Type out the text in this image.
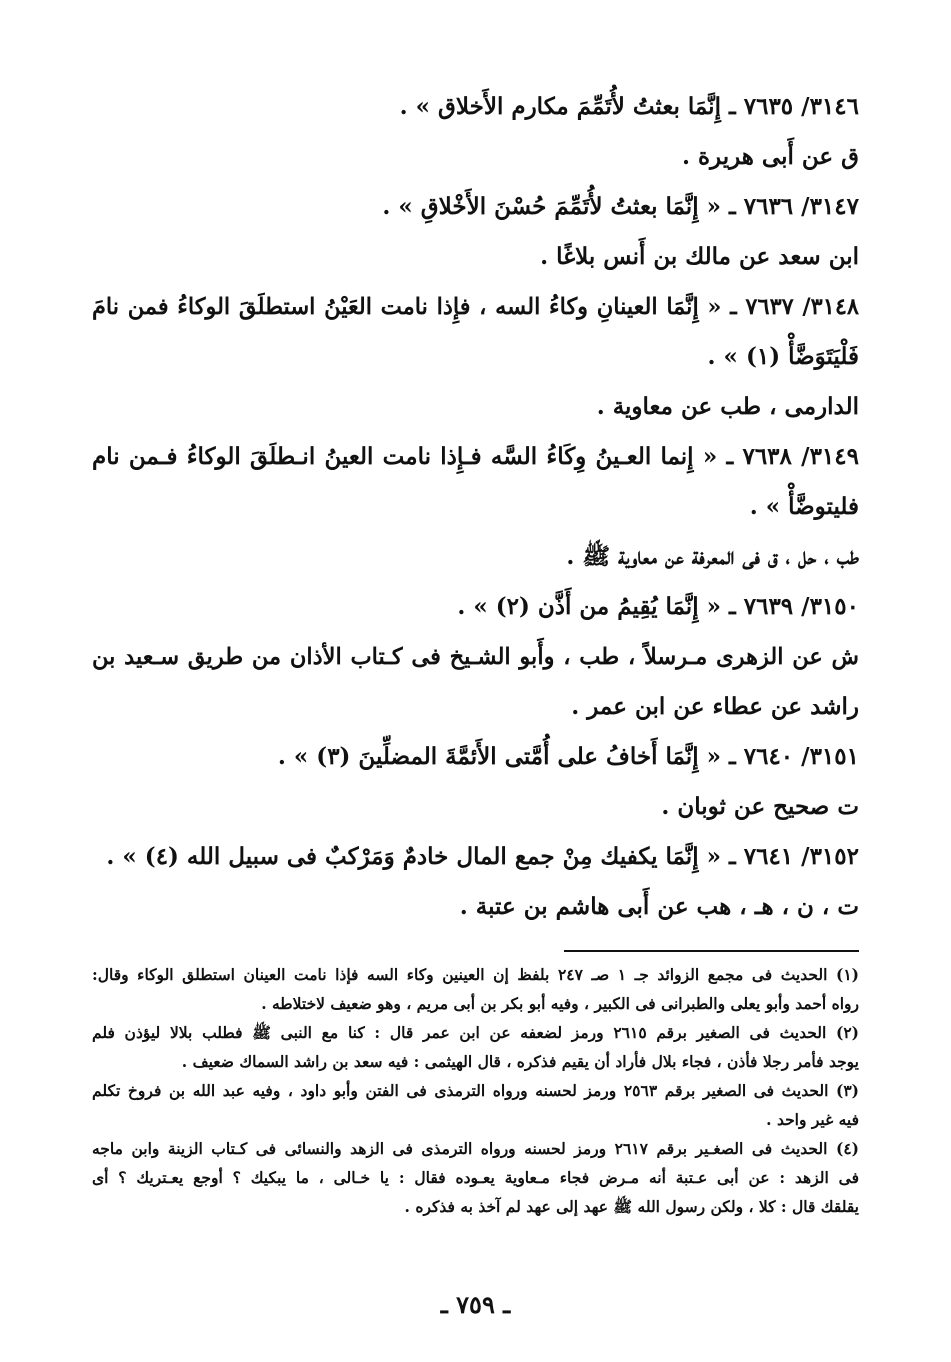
٣١٤٦/ ٧٦٣٥ ـ إِنَّمَا بعثتُ لأُتَمِّمَ مكارم الأَخلاق » .
ق عن أَبى هريرة .
٣١٤٧/ ٧٦٣٦ ـ « إِنَّمَا بعثتُ لأُتَمِّمَ حُسْنَ الأَخْلاقِ » .
ابن سعد عن مالك بن أَنس بلاغًا .
٣١٤٨/ ٧٦٣٧ ـ « إِنَّمَا العينانِ وكاءُ السه ، فإِذا نامت العَيْنُ استطلَقَ الوكاءُ فمن نامَ
فَلْيَتَوَضَّأْ (١) » .
الدارمى ، طب عن معاوية .
٣١٤٩/ ٧٦٣٨ ـ « إِنما العـينُ وِكَاءُ السَّه فـإِذا نامت العينُ انـطلَقَ الوكاءُ فـمن نام
فليتوضَّأْ » .
طب ، حل ، ق فى المعرفة عن معاوية ﷺ .
٣١٥٠/ ٧٦٣٩ ـ « إِنَّمَا يُقِيمُ من أَذَّن (٢) » .
ش عن الزهرى مـرسلاً ، طب ، وأَبو الشـيخ فى كـتاب الأذان من طريق سـعيد بن
راشد عن عطاء عن ابن عمر .
٣١٥١/ ٧٦٤٠ ـ « إِنَّمَا أَخافُ على أُمَّتى الأَئمَّةَ المضلِّينَ (٣) » .
ت صحيح عن ثوبان .
٣١٥٢/ ٧٦٤١ ـ « إِنَّمَا يكفيك مِنْ جمع المال خادمٌ وَمَرْكبٌ فى سبيل الله (٤) » .
ت ، ن ، هـ ، هب عن أَبى هاشم بن عتبة .
(١) الحديث فى مجمع الزوائد جـ ١ صـ ٢٤٧ بلفظ إن العينين وكاء السه فإذا نامت العينان استطلق الوكاء وقال:
رواه أحمد وأبو يعلى والطبرانى فى الكبير ، وفيه أبو بكر بن أبى مريم ، وهو ضعيف لاختلاطه .
(٢) الحديث فى الصغير برقم ٢٦١٥ ورمز لضعفه عن ابن عمر قال : كنا مع النبى ﷺ فطلب بلالا ليؤذن فلم
يوجد فأمر رجلا فأذن ، فجاء بلال فأراد أن يقيم فذكره ، قال الهيثمى : فيه سعد بن راشد السماك ضعيف .
(٣) الحديث فى الصغير برقم ٢٥٦٣ ورمز لحسنه ورواه الترمذى فى الفتن وأبو داود ، وفيه عبد الله بن فروخ تكلم
فيه غير واحد .
(٤) الحديث فى الصغـير برقم ٢٦١٧ ورمز لحسنه ورواه الترمذى فى الزهد والنسائى فى كـتاب الزينة وابن ماجه
فى الزهد : عن أبى عـتبة أنه مـرض فجاء مـعاوية يعـوده فقال : يا خـالى ، ما يبكيك ؟ أوجع يعـتريك ؟ أى
يقلقك قال : كلا ، ولكن رسول الله ﷺ عهد إلى عهد لم آخذ به فذكره .
ـ ٧٥٩ ـ
